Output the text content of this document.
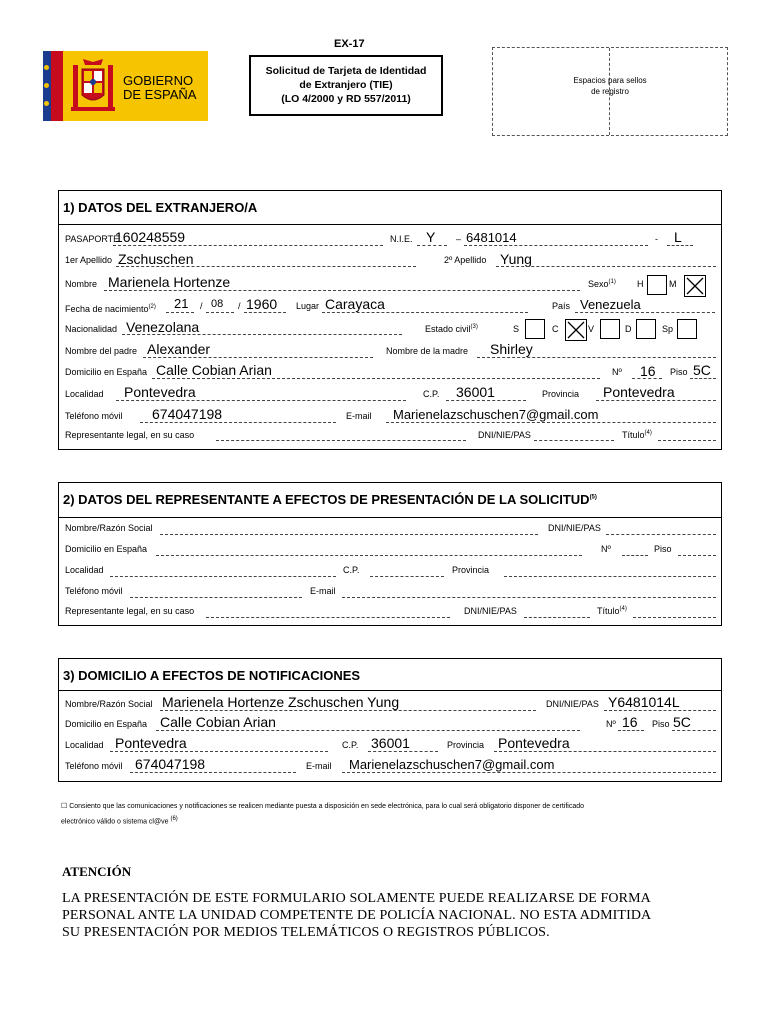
GOBIERNO
DE ESPAÑA
EX-17
Solicitud de Tarjeta de Identidad
de Extranjero (TIE)
(LO 4/2000 y RD 557/2011)
Espacios para sellos
de registro
1) DATOS DEL EXTRANJERO/A
PASAPORTE
160248559	N.I.E. Y – 6481014	- L
1er Apellido Zschuschen	2º Apellido Yung
Nombre Marienela Hortenze	Sexo$^{(1)}$ H	M
Fecha de nacimiento$^{(2)}$ 21 / 08 / 1960 Lugar Carayaca	País Venezuela
Nacionalidad Venezolana	Estado civil$^{(3)}$	S	C	V	D	Sp
Nombre del padre Alexander	Nombre de la madre Shirley
Domicilio en España Calle Cobian Arian	Nº 16 Piso 5C
Localidad Pontevedra	C.P. 36001	Provincia Pontevedra
Teléfono móvil 674047198	E-mail Marienelazschuschen7@gmail.com
Representante legal, en su caso	DNI/NIE/PAS	Título$^{(4)}$
2) DATOS DEL REPRESENTANTE A EFECTOS DE PRESENTACIÓN DE LA SOLICITUD$^{(5)}$
Nombre/Razón Social	DNI/NIE/PAS
Domicilio en España	Nº	Piso
Localidad	C.P.	Provincia
Teléfono móvil	E-mail
Representante legal, en su caso	DNI/NIE/PAS	Título$^{(4)}$
3) DOMICILIO A EFECTOS DE NOTIFICACIONES
Nombre/Razón Social Marienela Hortenze Zschuschen Yung	DNI/NIE/PAS Y6481014L
Domicilio en España Calle Cobian Arian	Nº 16 Piso 5C
Localidad Pontevedra	C.P. 36001	Provincia Pontevedra
Teléfono móvil 674047198	E-mail Marienelazschuschen7@gmail.com
☐ Consiento que las comunicaciones y notificaciones se realicen mediante puesta a disposición en sede electrónica, para lo cual será obligatorio disponer de certificado
electrónico válido o sistema cl@ve $^{(6)}$
ATENCIÓN
LA PRESENTACIÓN DE ESTE FORMULARIO SOLAMENTE PUEDE REALIZARSE DE FORMA
PERSONAL ANTE LA UNIDAD COMPETENTE DE POLICÍA NACIONAL. NO ESTA ADMITIDA
SU PRESENTACIÓN POR MEDIOS TELEMÁTICOS O REGISTROS PÚBLICOS.
